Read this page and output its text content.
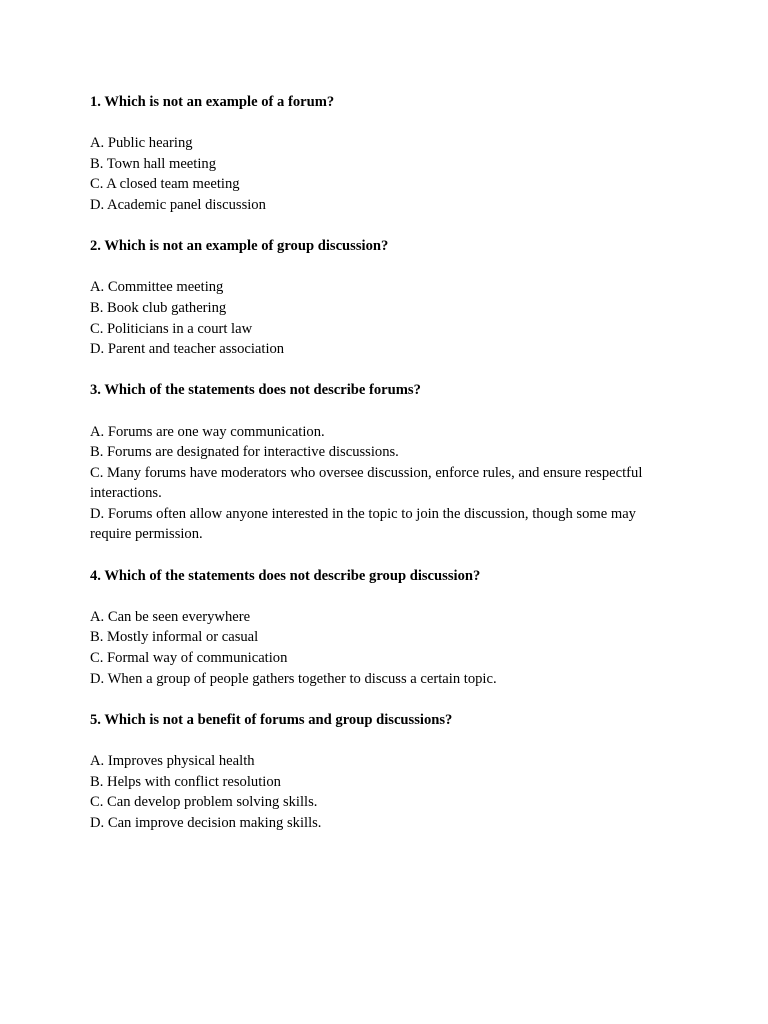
1. Which is not an example of a forum?
A. Public hearing
B. Town hall meeting
C. A closed team meeting
D. Academic panel discussion
2. Which is not an example of group discussion?
A. Committee meeting
B. Book club gathering
C. Politicians in a court law
D. Parent and teacher association
3. Which of the statements does not describe forums?
A. Forums are one way communication.
B. Forums are designated for interactive discussions.
C. Many forums have moderators who oversee discussion, enforce rules, and ensure respectful interactions.
D. Forums often allow anyone interested in the topic to join the discussion, though some may require permission.
4. Which of the statements does not describe group discussion?
A. Can be seen everywhere
B. Mostly informal or casual
C. Formal way of communication
D. When a group of people gathers together to discuss a certain topic.
5. Which is not a benefit of forums and group discussions?
A. Improves physical health
B. Helps with conflict resolution
C. Can develop problem solving skills.
D. Can improve decision making skills.
